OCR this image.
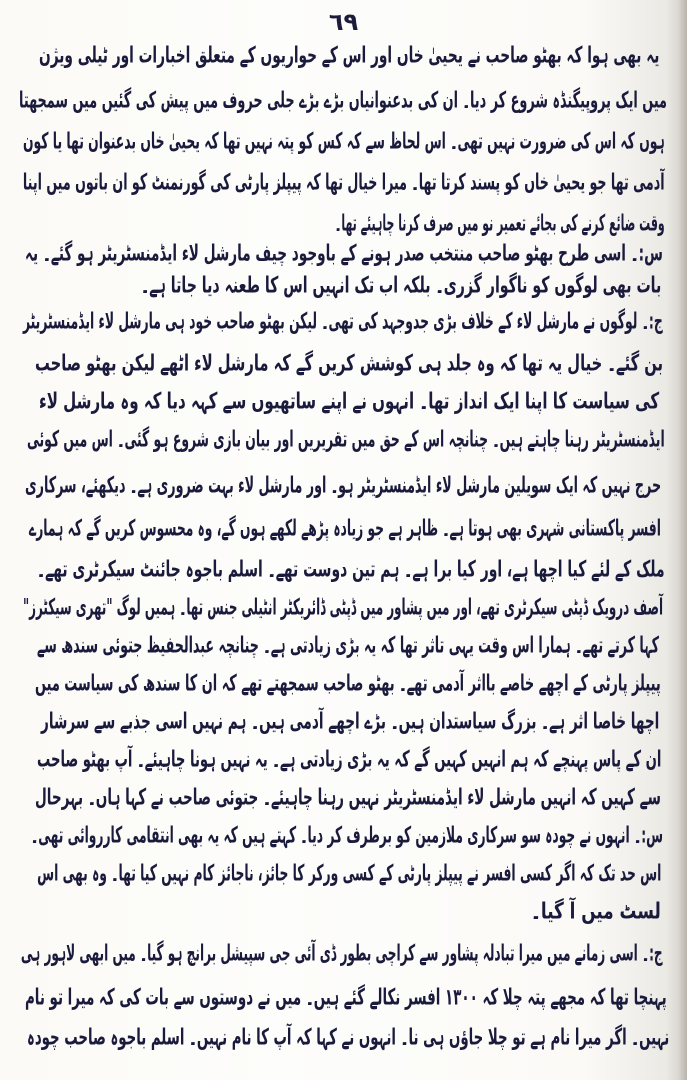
٦٩
یہ بھی ہوا کہ بھٹو صاحب نے یحییٰ خاں اور اس کے حواریوں کے متعلق اخبارات اور ٹیلی ویژن
میں ایک پروپیگنڈہ شروع کر دیا۔ ان کی بدعنوانیاں بڑے بڑے جلی حروف میں پیش کی گئیں میں سمجھتا
ہوں کہ اس کی ضرورت نہیں تھی۔ اس لحاظ سے کہ کس کو پتہ نہیں تھا کہ یحییٰ خاں بدعنوان تھا یا کون
آدمی تھا جو یحییٰ خاں کو پسند کرتا تھا۔ میرا خیال تھا کہ پیپلز پارٹی کی گورنمنٹ کو ان باتوں میں اپنا
وقت ضائع کرنے کی بجائے تعمیر نو میں صرف کرنا چاہیئے تھا۔
س:۔ اسی طرح بھٹو صاحب منتخب صدر ہونے کے باوجود چیف مارشل لاء ایڈمنسٹریٹر ہو گئے۔ یہ
بات بھی لوگوں کو ناگوار گزری۔ بلکہ اب تک انہیں اس کا طعنہ دیا جاتا ہے۔
ج:۔ لوگوں نے مارشل لاء کے خلاف بڑی جدوجہد کی تھی۔ لیکن بھٹو صاحب خود ہی مارشل لاء ایڈمنسٹریٹر
بن گئے۔ خیال یہ تھا کہ وہ جلد ہی کوشش کریں گے کہ مارشل لاء اٹھے لیکن بھٹو صاحب
کی سیاست کا اپنا ایک انداز تھا۔ انہوں نے اپنے ساتھیوں سے کہہ دیا کہ وہ مارشل لاء
ایڈمنسٹریٹر رہنا چاہتے ہیں۔ چنانچہ اس کے حق میں تقریریں اور بیان بازی شروع ہو گئی۔ اس میں کوئی
حرج نہیں کہ ایک سویلین مارشل لاء ایڈمنسٹریٹر ہو۔ اور مارشل لاء بہت ضروری ہے۔ دیکھئے، سرکاری
افسر پاکستانی شہری بھی ہوتا ہے۔ ظاہر ہے جو زیادہ پڑھے لکھے ہوں گے، وہ محسوس کریں گے کہ ہمارے
ملک کے لئے کیا اچھا ہے، اور کیا برا ہے۔ ہم تین دوست تھے۔ اسلم باجوہ جائنٹ سیکرٹری تھے۔
آصف درویک ڈپٹی سیکرٹری تھے، اور میں پشاور میں ڈپٹی ڈائریکٹر انٹیلی جنس تھا۔ ہمیں لوگ "تھری سیکٹرز"
کہا کرتے تھے۔ ہمارا اس وقت یہی تاثر تھا کہ یہ بڑی زیادتی ہے۔ چنانچہ عبدالحفیظ جتوئی سندھ سے
پیپلز پارٹی کے اچھے خاصے بااثر آدمی تھے۔ بھٹو صاحب سمجھتے تھے کہ ان کا سندھ کی سیاست میں
اچھا خاصا اثر ہے۔ بزرگ سیاستدان ہیں۔ بڑے اچھے آدمی ہیں۔ ہم نہیں اسی جذبے سے سرشار
ان کے پاس پہنچے کہ ہم انہیں کہیں گے کہ یہ بڑی زیادتی ہے۔ یہ نہیں ہونا چاہیئے۔ آپ بھٹو صاحب
سے کہیں کہ انہیں مارشل لاء ایڈمنسٹریٹر نہیں رہنا چاہیئے۔ جتوئی صاحب نے کہا ہاں۔ بہرحال
س:۔ انہوں نے چودہ سو سرکاری ملازمین کو برطرف کر دیا۔ کہتے ہیں کہ یہ بھی انتقامی کارروائی تھی۔
اس حد تک کہ اگر کسی افسر نے پیپلز پارٹی کے کسی ورکر کا جائز، ناجائز کام نہیں کیا تھا۔ وہ بھی اس
لسٹ میں آ گیا۔
ج:۔ اسی زمانے میں میرا تبادلہ پشاور سے کراچی بطور ڈی آئی جی سپیشل برانچ ہو گیا۔ میں ابھی لاہور ہی
پہنچا تھا کہ مجھے پتہ چلا کہ ۱۳۰۰ افسر نکالے گئے ہیں۔ میں نے دوستوں سے بات کی کہ میرا تو نام
نہیں۔ اگر میرا نام ہے تو چلا جاؤں ہی نا۔ انہوں نے کہا کہ آپ کا نام نہیں۔ اسلم باجوہ صاحب چودہ
